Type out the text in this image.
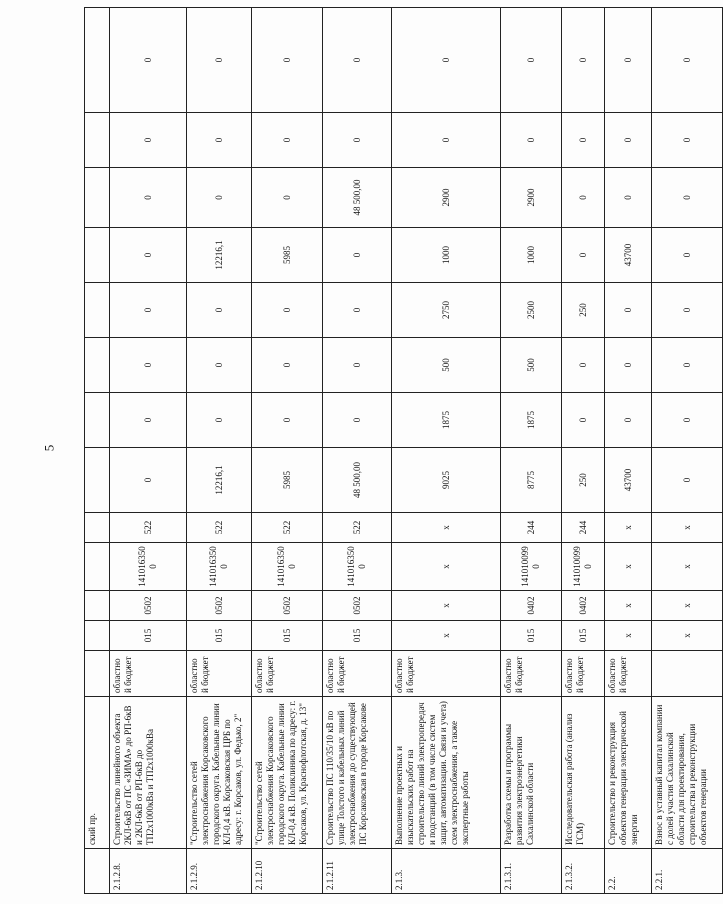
5
	ский пр.													
2.1.2.8.	Строительство линейного объекта 2КЛ-6кВ от ПС «ЗИМА» до РП-6кВ и 2КЛ-6кВ от РП-6кВ до ТП2х1000кВа и ТП2х1000кВа	областной бюджет	015	0502	1410163500	522	0	0	0	0	0	0	0	0
2.1.2.9.	"Строительство сетей электроснабжения Корсаковского городского округа. Кабельные линии КЛ-0,4 кВ. Корсаковская ЦРБ по адресу: г. Корсаков, ул. Федько, 2"	областной бюджет	015	0502	1410163500	522	12216,1	0	0	0	12216,1	0	0	0
2.1.2.10	"Строительство сетей электроснабжения Корсаковского городского округа. Кабельные линии КЛ-0,4 кВ. Поликлиника по адресу: г. Корсаков, ул. Краснофлотская, д. 13"	областной бюджет	015	0502	1410163500	522	5985	0	0	0	5985	0	0	0
2.1.2.11	Строительство ПС 110/35/10 кВ по улице Толстого и кабельных линий электроснабжения до существующей ПС Корсаковская в городе Корсакове	областной бюджет	015	0502	1410163500	522	48 500,00	0	0	0	0	48 500,00	0	0
2.1.3.	Выполнение проектных и изыскательских работ на строительство линий электропередач и подстанций (в том числе систем защит, автоматизации. Связи и учета) схем электроснабжения, а также экспертные работы	областной бюджет	х	х	х	х	9025	1875	500	2750	1000	2900	0	0
2.1.3.1.	Разработка схемы и программы развития электроэнергетики Сахалинской области	областной бюджет	015	0402	1410100990	244	8775	1875	500	2500	1000	2900	0	0
2.1.3.2.	Исследовательская работа (анализ ГСМ)	областной бюджет	015	0402	1410100990	244	250	0	0	250	0	0	0	0
2.2.	Строительство и реконструкция объектов генерации электрической энергии	областной бюджет	х	х	х	х	43700	0	0	0	43700	0	0	0
2.2.1.	Взнос в уставный капитал компании с долей участия Сахалинской области для проектирования, строительства и реконструкции объектов генерации		х	х	х	х	0	0	0	0	0	0	0	0
